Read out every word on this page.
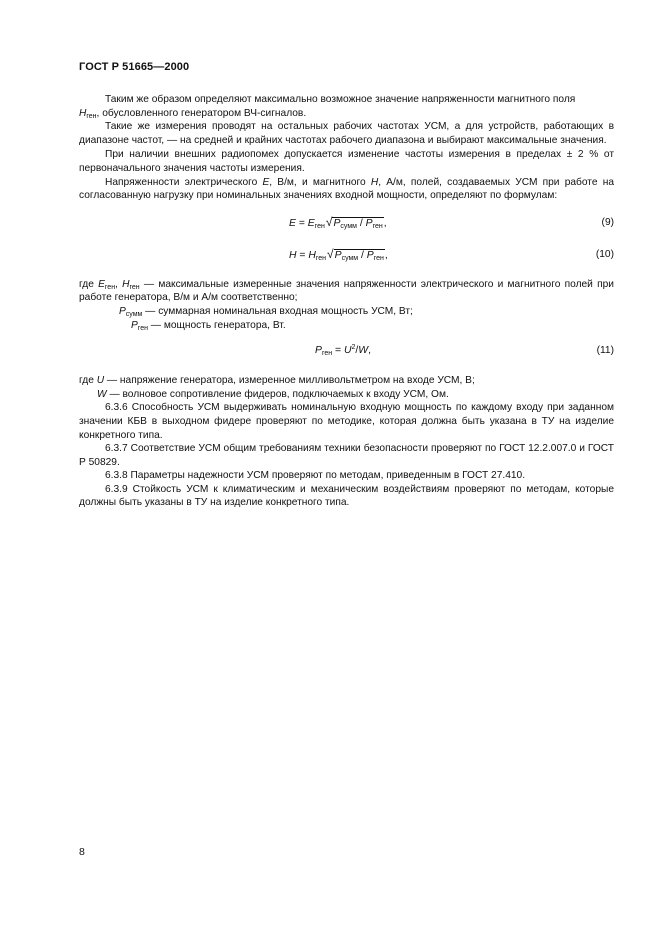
ГОСТ Р 51665—2000

Таким же образом определяют максимально возможное значение напряженности магнитного поля
$H_{ген}$, обусловленного генератором ВЧ-сигналов.

Такие же измерения проводят на остальных рабочих частотах УСМ, а для устройств, работающих в диапазоне частот, — на средней и крайних частотах рабочего диапазона и выбирают максимальные значения.

При наличии внешних радиопомех допускается изменение частоты измерения в пределах ± 2 % от первоначального значения частоты измерения.

Напряженности электрического E, В/м, и магнитного H, А/м, полей, создаваемых УСМ при работе на согласованную нагрузку при номинальных значениях входной мощности, определяют по формулам:

$E = E_{ген}√P_{сумм} / P_{ген}$,	(9)
$H = H_{ген}√P_{сумм} / P_{ген}$,	(10)

где $E_{ген}$, $H_{ген}$ — максимальные измеренные значения напряженности электрического и магнитного полей при работе генератора, В/м и А/м соответственно;

$P_{сумм}$ — суммарная номинальная входная мощность УСМ, Вт;

$P_{ген}$ — мощность генератора, Вт.

$P_{ген} = U^2/W$,	(11)

где U — напряжение генератора, измеренное милливольтметром на входе УСМ, В;

W — волновое сопротивление фидеров, подключаемых к входу УСМ, Ом.

6.3.6 Способность УСМ выдерживать номинальную входную мощность по каждому входу при заданном значении КБВ в выходном фидере проверяют по методике, которая должна быть указана в ТУ на изделие конкретного типа.

6.3.7 Соответствие УСМ общим требованиям техники безопасности проверяют по ГОСТ 12.2.007.0 и ГОСТ Р 50829.

6.3.8 Параметры надежности УСМ проверяют по методам, приведенным в ГОСТ 27.410.

6.3.9 Стойкость УСМ к климатическим и механическим воздействиям проверяют по методам, которые должны быть указаны в ТУ на изделие конкретного типа.

8
